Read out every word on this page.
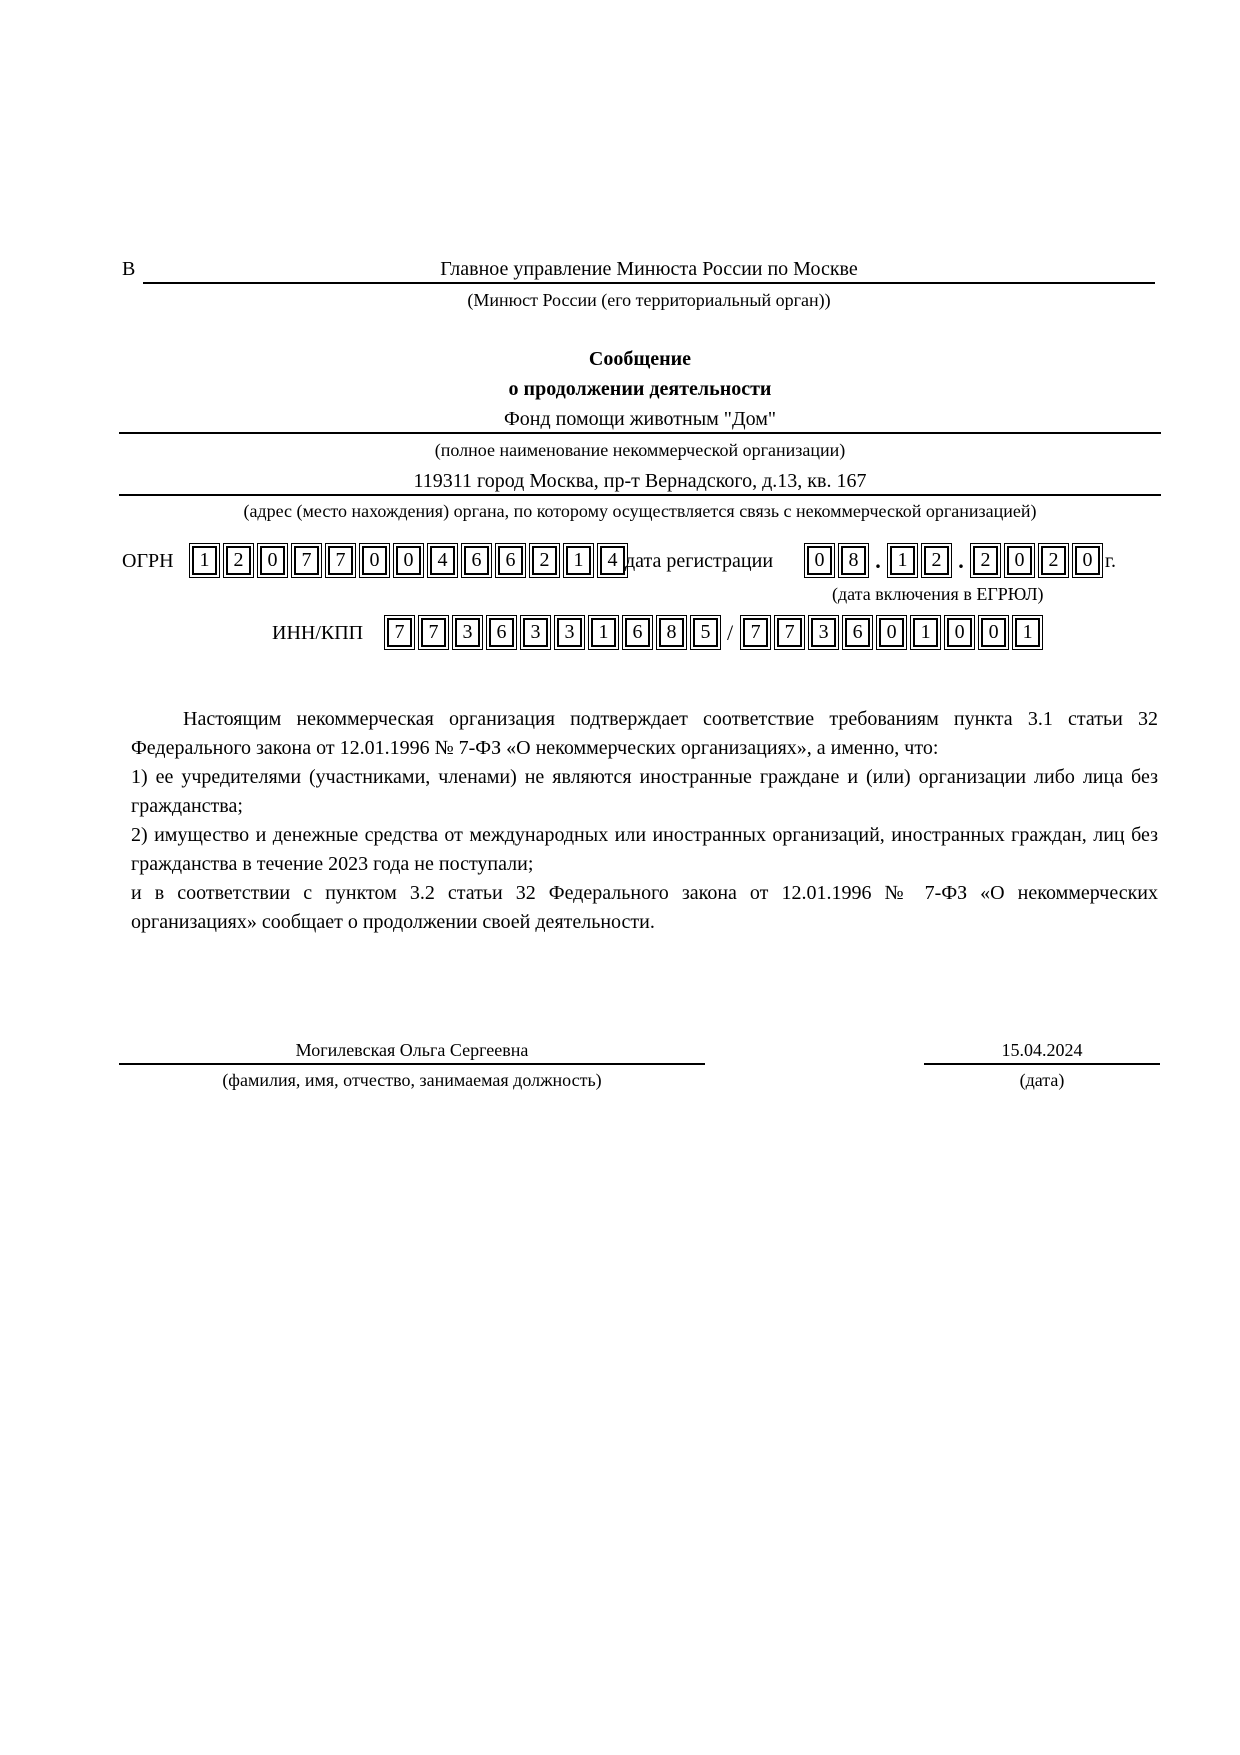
В	Главное управление Минюста России по Москве
(Минюст России (его территориальный орган))
Сообщение
о продолжении деятельности
Фонд помощи животным "Дом"
(полное наименование некоммерческой организации)
119311 город Москва, пр-т Вернадского, д.13, кв. 167
(адрес (место нахождения) органа, по которому осуществляется связь с некоммерческой организацией)
ОГРН	1	2	0	7	7	0	0	4	6	6	2	1	4 дата регистрации	0	8 . 1	2 . 2	0	2	0 г.
(дата включения в ЕГРЮЛ)
ИНН/КПП	7	7	3	6	3	3	1	6	8	5 / 7	7	3	6	0	1	0	0	1

Настоящим некоммерческая организация подтверждает соответствие требованиям пункта 3.1 статьи 32 Федерального закона от 12.01.1996 № 7-ФЗ «О некоммерческих организациях», а именно, что:

1) ее учредителями (участниками, членами) не являются иностранные граждане и (или) организации либо лица без гражданства;

2) имущество и денежные средства от международных или иностранных организаций, иностранных граждан, лиц без гражданства в течение 2023 года не поступали;

и в соответствии с пунктом 3.2 статьи 32 Федерального закона от 12.01.1996 № 7-ФЗ «О некоммерческих организациях» сообщает о продолжении своей деятельности.

Могилевская Ольга Сергеевна
(фамилия, имя, отчество, занимаемая должность)
15.04.2024
(дата)
